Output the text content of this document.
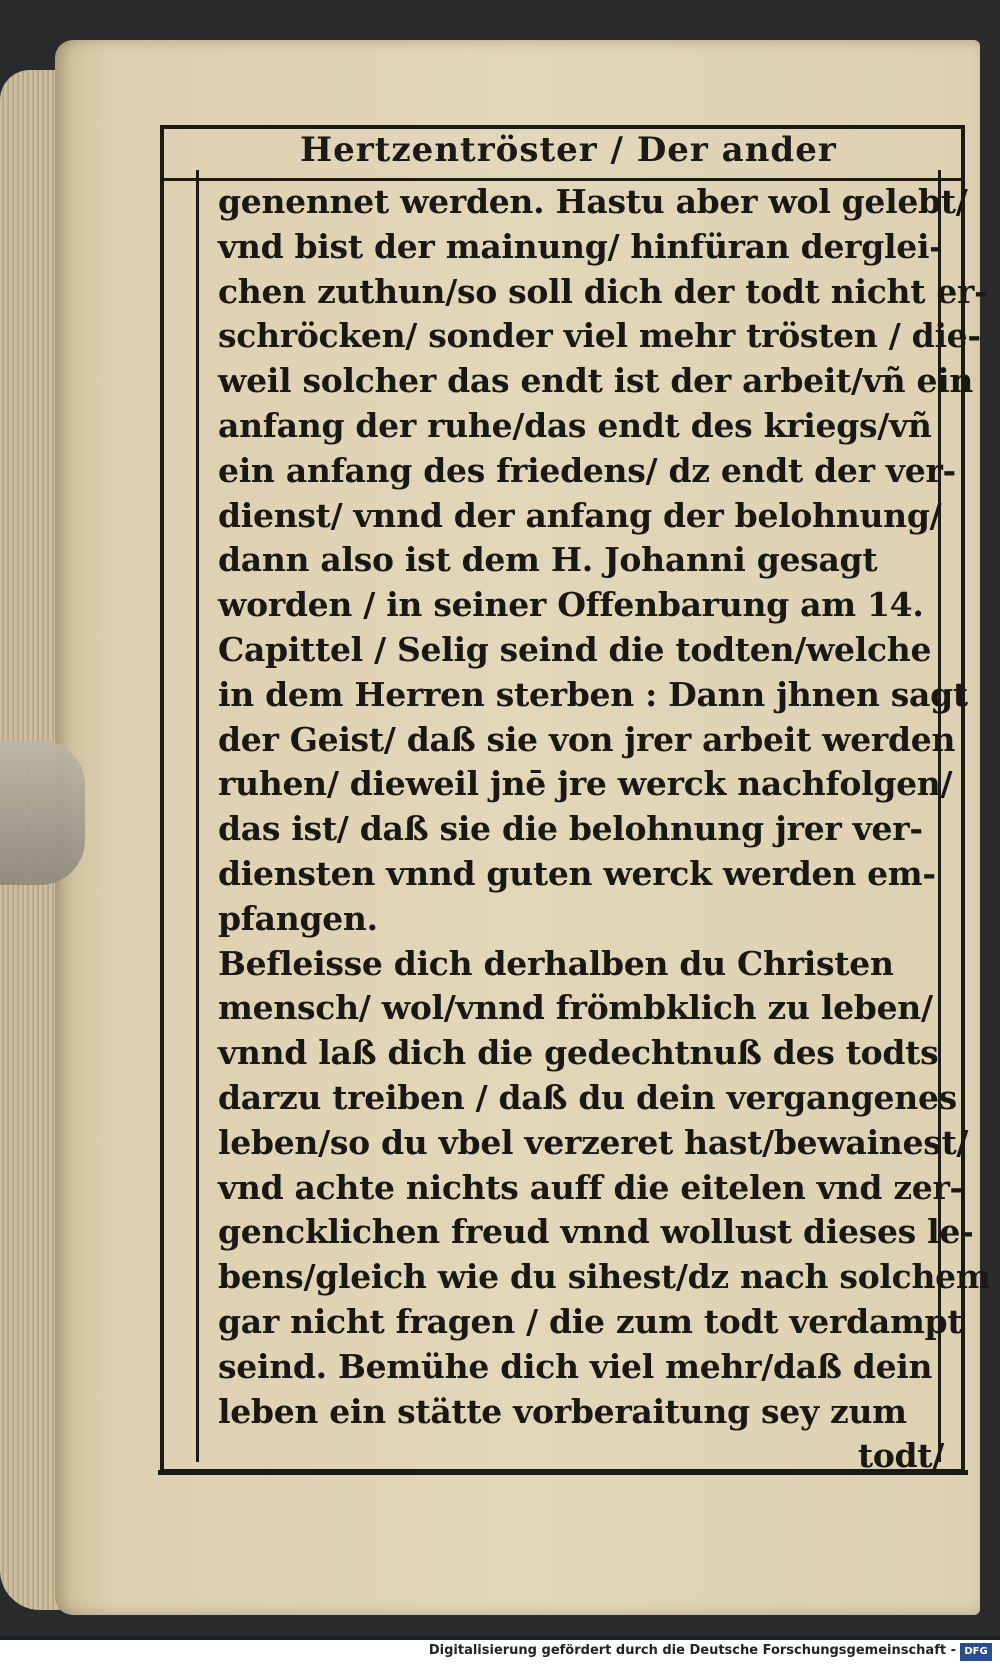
Hertzentröster / Der ander
genennet werden. Hastu aber wol gelebt/
vnd bist der mainung/ hinfüran derglei-
chen zuthun/so soll dich der todt nicht er-
schröcken/ sonder viel mehr trösten / die-
weil solcher das endt ist der arbeit/vñ ein
anfang der ruhe/das endt des kriegs/vñ
ein anfang des friedens/ dz endt der ver-
dienst/ vnnd der anfang der belohnung/
dann also ist dem H. Johanni gesagt
worden / in seiner Offenbarung am 14.
Capittel / Selig seind die todten/welche
in dem Herren sterben : Dann jhnen sagt
der Geist/ daß sie von jrer arbeit werden
ruhen/ dieweil jnē jre werck nachfolgen/
das ist/ daß sie die belohnung jrer ver-
diensten vnnd guten werck werden em-
pfangen.
Befleisse dich derhalben du Christen
mensch/ wol/vnnd frömbklich zu leben/
vnnd laß dich die gedechtnuß des todts
darzu treiben / daß du dein vergangenes
leben/so du vbel verzeret hast/bewainest/
vnd achte nichts auff die eitelen vnd zer-
gencklichen freud vnnd wollust dieses le-
bens/gleich wie du sihest/dz nach solchem
gar nicht fragen / die zum todt verdampt
seind. Bemühe dich viel mehr/daß dein
leben ein stätte vorberaitung sey zum
todt/
Digitalisierung gefördert durch die Deutsche Forschungsgemeinschaft - DFG
